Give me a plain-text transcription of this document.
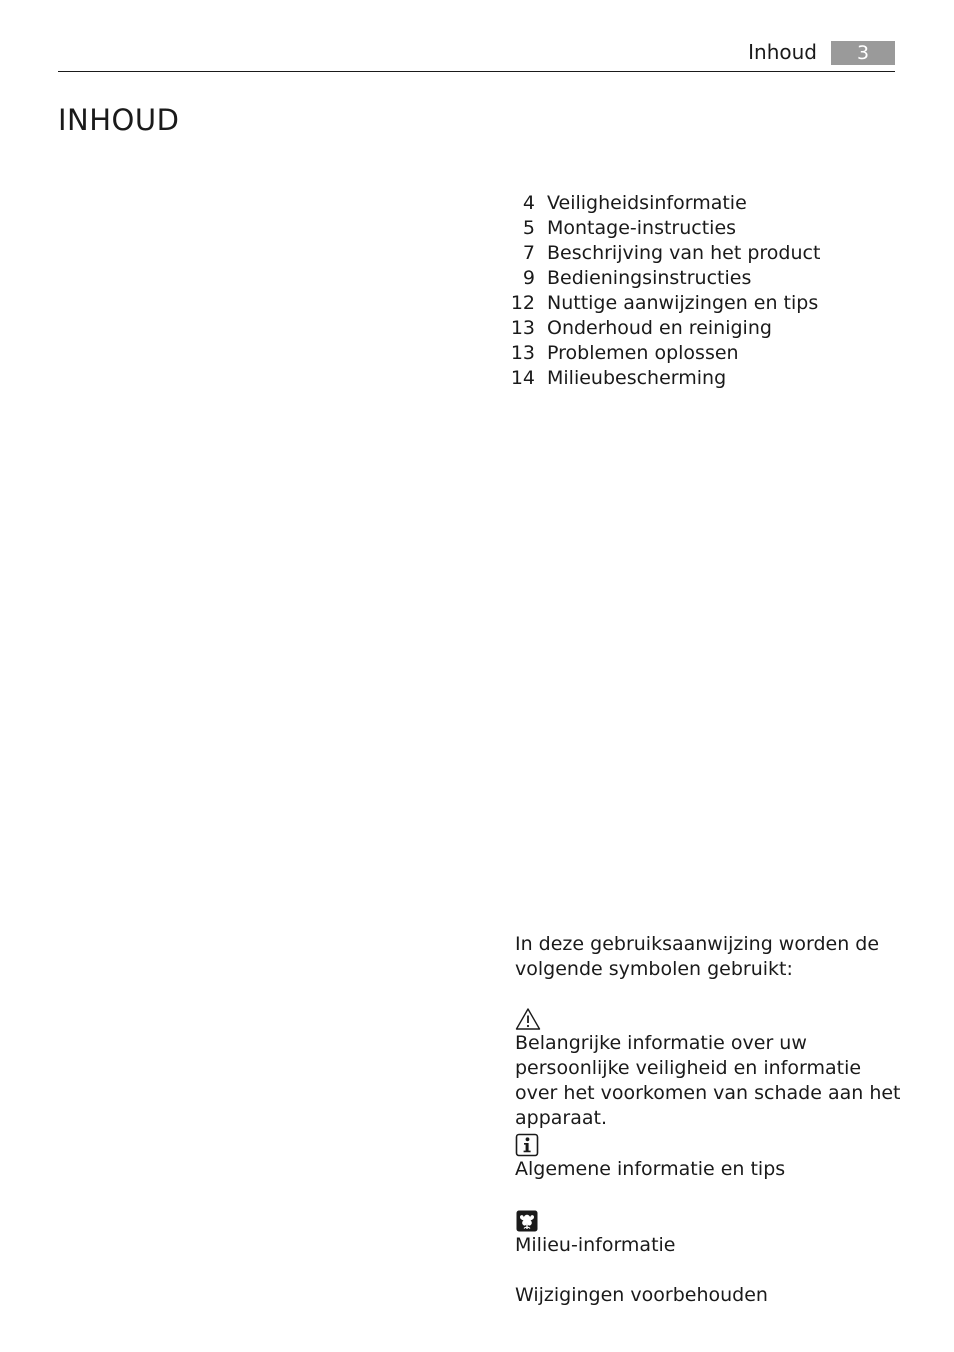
Inhoud	3
INHOUD
4 Veiligheidsinformatie
5 Montage-instructies
7 Beschrijving van het product
9 Bedieningsinstructies
12 Nuttige aanwijzingen en tips
13 Onderhoud en reiniging
13 Problemen oplossen
14 Milieubescherming

In deze gebruiksaanwijzing worden de volgende symbolen gebruikt:

Belangrijke informatie over uw persoonlijke veiligheid en informatie over het voorkomen van schade aan het apparaat.

Algemene informatie en tips

Milieu-informatie

Wijzigingen voorbehouden
